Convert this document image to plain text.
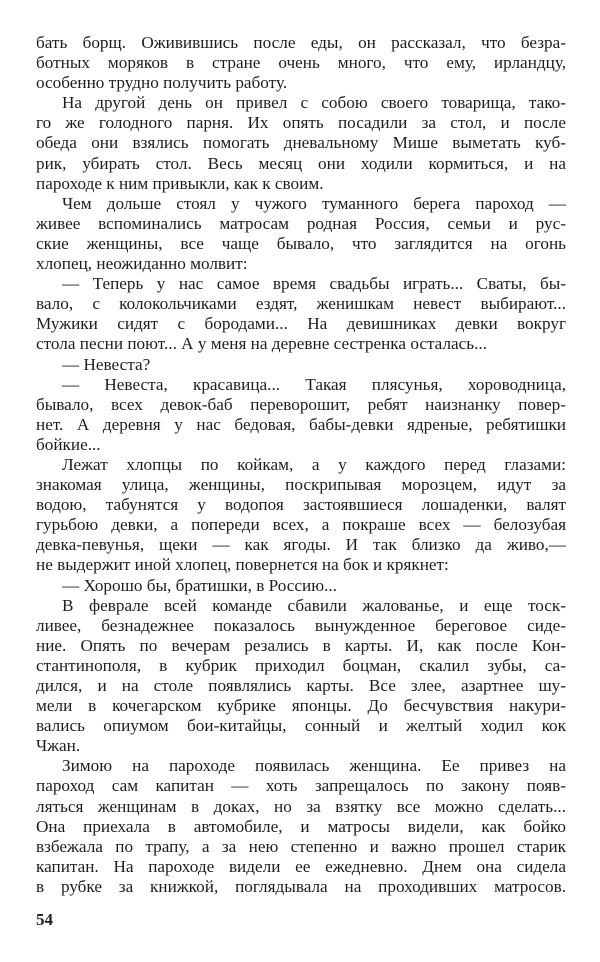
бать борщ. Оживившись после еды, он рассказал, что безра-
ботных моряков в стране очень много, что ему, ирландцу,
особенно трудно получить работу.
На другой день он привел с собою своего товарища, тако-
го же голодного парня. Их опять посадили за стол, и после
обеда они взялись помогать дневальному Мише выметать куб-
рик, убирать стол. Весь месяц они ходили кормиться, и на
пароходе к ним привыкли, как к своим.
Чем дольше стоял у чужого туманного берега пароход —
живее вспоминались матросам родная Россия, семьи и рус-
ские женщины, все чаще бывало, что заглядится на огонь
хлопец, неожиданно молвит:
— Теперь у нас самое время свадьбы играть... Сваты, бы-
вало, с колокольчиками ездят, женишкам невест выбирают...
Мужики сидят с бородами... На девишниках девки вокруг
стола песни поют... А у меня на деревне сестренка осталась...
— Невеста?
— Невеста, красавица... Такая плясунья, хороводница,
бывало, всех девок-баб переворошит, ребят наизнанку повер-
нет. А деревня у нас бедовая, бабы-девки ядреные, ребятишки
бойкие...
Лежат хлопцы по койкам, а у каждого перед глазами:
знакомая улица, женщины, поскрипывая морозцем, идут за
водою, табунятся у водопоя застоявшиеся лошаденки, валят
гурьбою девки, а попереди всех, а покраше всех — белозубая
девка-певунья, щеки — как ягоды. И так близко да живо,—
не выдержит иной хлопец, повернется на бок и крякнет:
— Хорошо бы, братишки, в Россию...
В феврале всей команде сбавили жалованье, и еще тоск-
ливее, безнадежнее показалось вынужденное береговое сиде-
ние. Опять по вечерам резались в карты. И, как после Кон-
стантинополя, в кубрик приходил боцман, скалил зубы, са-
дился, и на столе появлялись карты. Все злее, азартнее шу-
мели в кочегарском кубрике японцы. До бесчувствия накури-
вались опиумом бои-китайцы, сонный и желтый ходил кок
Чжан.
Зимою на пароходе появилась женщина. Ее привез на
пароход сам капитан — хоть запрещалось по закону появ-
ляться женщинам в доках, но за взятку все можно сделать...
Она приехала в автомобиле, и матросы видели, как бойко
взбежала по трапу, а за нею степенно и важно прошел старик
капитан. На пароходе видели ее ежедневно. Днем она сидела
в рубке за книжкой, поглядывала на проходивших матросов.
54
